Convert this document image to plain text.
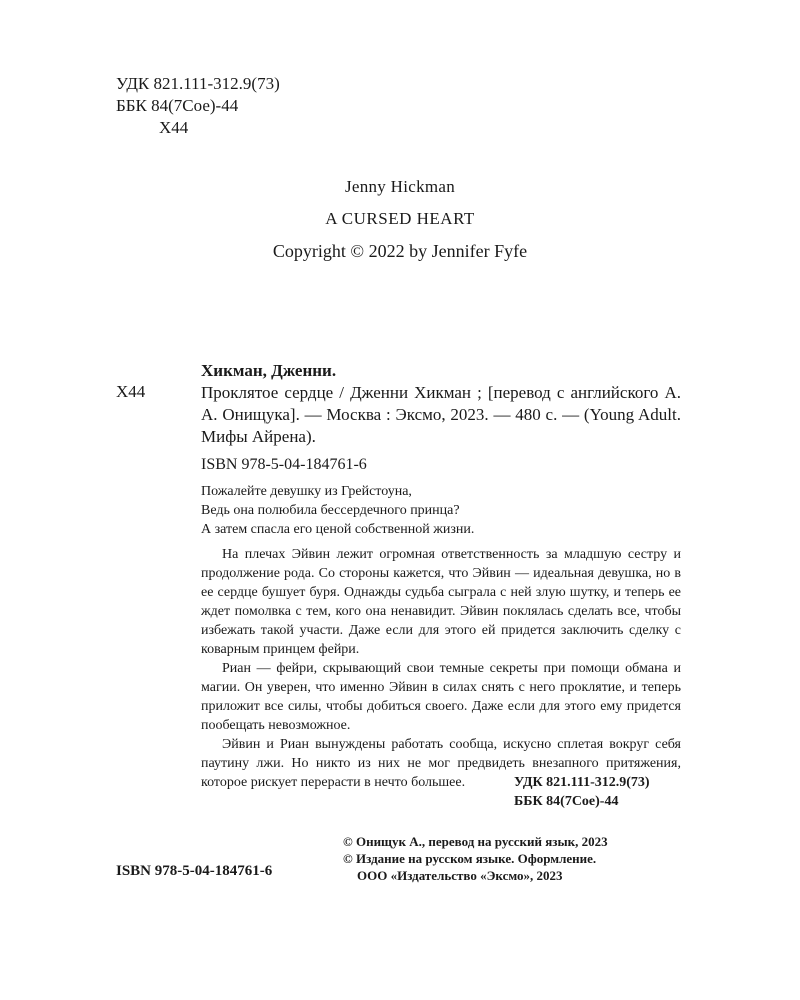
УДК 821.111-312.9(73)
ББК 84(7Сое)-44
Х44
Jenny Hickman
A CURSED HEART
Copyright © 2022 by Jennifer Fyfe
Хикман, Дженни.
Х44	Проклятое сердце / Дженни Хикман ; [перевод с английского А. А. Онищука]. — Москва : Эксмо, 2023. — 480 с. — (Young Adult. Мифы Айрена).
ISBN 978-5-04-184761-6
Пожалейте девушку из Грейстоуна,
Ведь она полюбила бессердечного принца?
А затем спасла его ценой собственной жизни.

  На плечах Эйвин лежит огромная ответственность за младшую сестру и продолжение рода. Со стороны кажется, что Эйвин — идеальная девушка, но в ее сердце бушует буря. Однажды судьба сыграла с ней злую шутку, и теперь ее ждет помолвка с тем, кого она ненавидит. Эйвин поклялась сделать все, чтобы избежать такой участи. Даже если для этого ей придется заключить сделку с коварным принцем фейри.

  Риан — фейри, скрывающий свои темные секреты при помощи обмана и магии. Он уверен, что именно Эйвин в силах снять с него проклятие, и теперь приложит все силы, чтобы добиться своего. Даже если для этого ему придется пообещать невозможное.

  Эйвин и Риан вынуждены работать сообща, искусно сплетая вокруг себя паутину лжи. Но никто из них не мог предвидеть внезапного притяжения, которое рискует перерасти в нечто большее.	УДК 821.111-312.9(73)
ББК 84(7Сое)-44
© Онищук А., перевод на русский язык, 2023
© Издание на русском языке. Оформление.
ООО «Издательство «Эксмо», 2023
ISBN 978-5-04-184761-6
